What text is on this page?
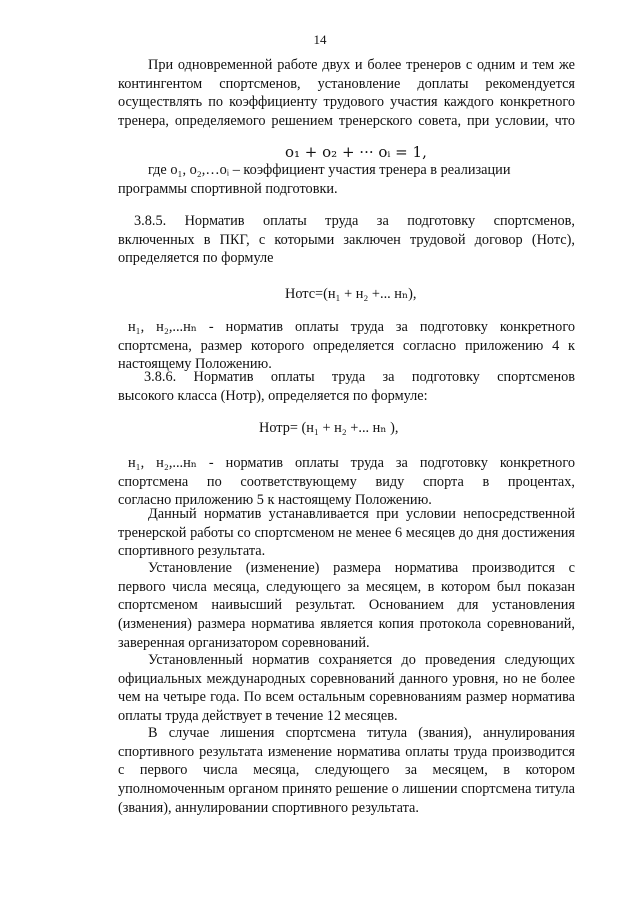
14
При одновременной работе двух и более тренеров с одним и тем же
контингентом спортсменов, установление доплаты рекомендуется
осуществлять по коэффициенту трудового участия каждого конкретного
тренера, определяемого решением тренерского совета, при условии, что
o₁ + o₂ + ··· oᵢ = 1,
где o₁, o₂,…oᵢ – коэффициент участия тренера в реализации
программы спортивной подготовки.
3.8.5. Норматив оплаты труда за подготовку спортсменов,
включенных в ПКГ, с которыми заключен трудовой договор (Нотс),
определяется по формуле
Нотс=(н₁ + н₂ +... нₙ),
н₁, н₂,...нₙ - норматив оплаты труда за подготовку конкретного
спортсмена, размер которого определяется согласно приложению 4 к
настоящему Положению.
3.8.6. Норматив оплаты труда за подготовку спортсменов
высокого класса (Нотр), определяется по формуле:
Нотр= (н₁ + н₂ +... нₙ ),
н₁, н₂,...нₙ - норматив оплаты труда за подготовку конкретного
спортсмена по соответствующему виду спорта в процентах,
согласно приложению 5 к настоящему Положению.
Данный норматив устанавливается при условии непосредственной
тренерской работы со спортсменом не менее 6 месяцев до дня достижения
спортивного результата.
Установление (изменение) размера норматива производится с
первого числа месяца, следующего за месяцем, в котором был показан
спортсменом наивысший результат. Основанием для установления
(изменения) размера норматива является копия протокола соревнований,
заверенная организатором соревнований.
Установленный норматив сохраняется до проведения следующих
официальных международных соревнований данного уровня, но не более
чем на четыре года. По всем остальным соревнованиям размер норматива
оплаты труда действует в течение 12 месяцев.
В случае лишения спортсмена титула (звания), аннулирования
спортивного результата изменение норматива оплаты труда производится
с первого числа месяца, следующего за месяцем, в котором
уполномоченным органом принято решение о лишении спортсмена титула
(звания), аннулировании спортивного результата.
